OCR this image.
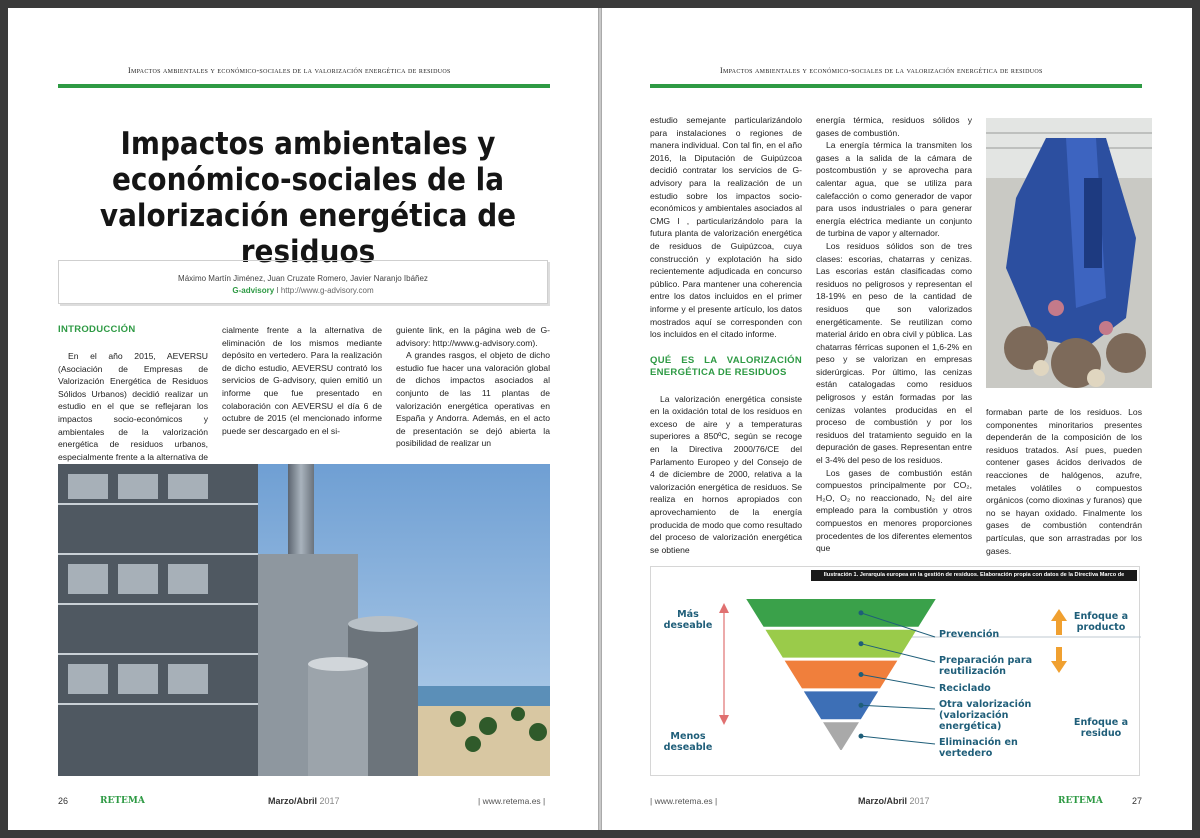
Impactos ambientales y económico-sociales de la valorización energética de residuos
Impactos ambientales y económico-sociales de la valorización energética de residuos
Máximo Martín Jiménez, Juan Cruzate Romero, Javier Naranjo Ibáñez
G-advisory I http://www.g-advisory.com
INTRODUCCIÓN

En el año 2015, AEVERSU (Asociación de Empresas de Valorización Energética de Residuos Sólidos Urbanos) decidió realizar un estudio en el que se reflejaran los impactos socio-económicos y ambientales de la valorización energética de residuos urbanos, especialmente frente a la alternativa de

cialmente frente a la alternativa de eliminación de los mismos mediante depósito en vertedero. Para la realización de dicho estudio, AEVERSU contrató los servicios de G-advisory, quien emitió un informe que fue presentado en colaboración con AEVERSU el día 6 de octubre de 2015 (el mencionado informe puede ser descargado en el si-

guiente link, en la página web de G-advisory: http://www.g-advisory.com).

A grandes rasgos, el objeto de dicho estudio fue hacer una valoración global de dichos impactos asociados al conjunto de las 11 plantas de valorización energética operativas en España y Andorra. Además, en el acto de presentación se dejó abierta la posibilidad de realizar un

26	RETEMA	Marzo/Abril 2017	| www.retema.es |
Impactos ambientales y económico-sociales de la valorización energética de residuos

estudio semejante particularizándolo para instalaciones o regiones de manera individual. Con tal fin, en el año 2016, la Diputación de Guipúzcoa decidió contratar los servicios de G-advisory para la realización de un estudio sobre los impactos socio-económicos y ambientales asociados al CMG I , particularizándolo para la futura planta de valorización energética de residuos de Guipúzcoa, cuya construcción y explotación ha sido recientemente adjudicada en concurso público. Para mantener una coherencia entre los datos incluidos en el primer informe y el presente artículo, los datos mostrados aquí se corresponden con los incluidos en el citado informe.

QUÉ ES LA VALORIZACIÓN ENERGÉTICA DE RESIDUOS

La valorización energética consiste en la oxidación total de los residuos en exceso de aire y a temperaturas superiores a 850ºC, según se recoge en la Directiva 2000/76/CE del Parlamento Europeo y del Consejo de 4 de diciembre de 2000, relativa a la valorización energética de residuos. Se realiza en hornos apropiados con aprovechamiento de la energía producida de modo que como resultado del proceso de valorización energética se obtiene

energía térmica, residuos sólidos y gases de combustión.

La energía térmica la transmiten los gases a la salida de la cámara de postcombustión y se aprovecha para calentar agua, que se utiliza para calefacción o como generador de vapor para usos industriales o para generar energía eléctrica mediante un conjunto de turbina de vapor y alternador.

Los residuos sólidos son de tres clases: escorias, chatarras y cenizas. Las escorias están clasificadas como residuos no peligrosos y representan el 18-19% en peso de la cantidad de residuos que son valorizados energéticamente. Se reutilizan como material árido en obra civil y pública. Las chatarras férricas suponen el 1,6-2% en peso y se valorizan en empresas siderúrgicas. Por último, las cenizas están catalogadas como residuos peligrosos y están formadas por las cenizas volantes producidas en el proceso de combustión y por los residuos del tratamiento seguido en la depuración de gases. Representan entre el 3-4% del peso de los residuos.

Los gases de combustión están compuestos principalmente por CO₂, H₂O, O₂ no reaccionado, N₂ del aire empleado para la combustión y otros compuestos en menores proporciones procedentes de los diferentes elementos que

formaban parte de los residuos. Los componentes minoritarios presentes dependerán de la composición de los residuos tratados. Así pues, pueden contener gases ácidos derivados de reacciones de halógenos, azufre, metales volátiles o compuestos orgánicos (como dioxinas y furanos) que no se hayan oxidado. Finalmente los gases de combustión contendrán partículas, que son arrastradas por los gases.

Ilustración 1. Jerarquía europea en la gestión de residuos. Elaboración propia con datos de la Directiva Marco de Residuos
Más deseable
Menos deseable
Enfoque a producto
Enfoque a residuo
Prevención
Preparación para reutilización
Reciclado
Otra valorización (valorización energética)
Eliminación en vertedero
| www.retema.es |	Marzo/Abril 2017	RETEMA	27
